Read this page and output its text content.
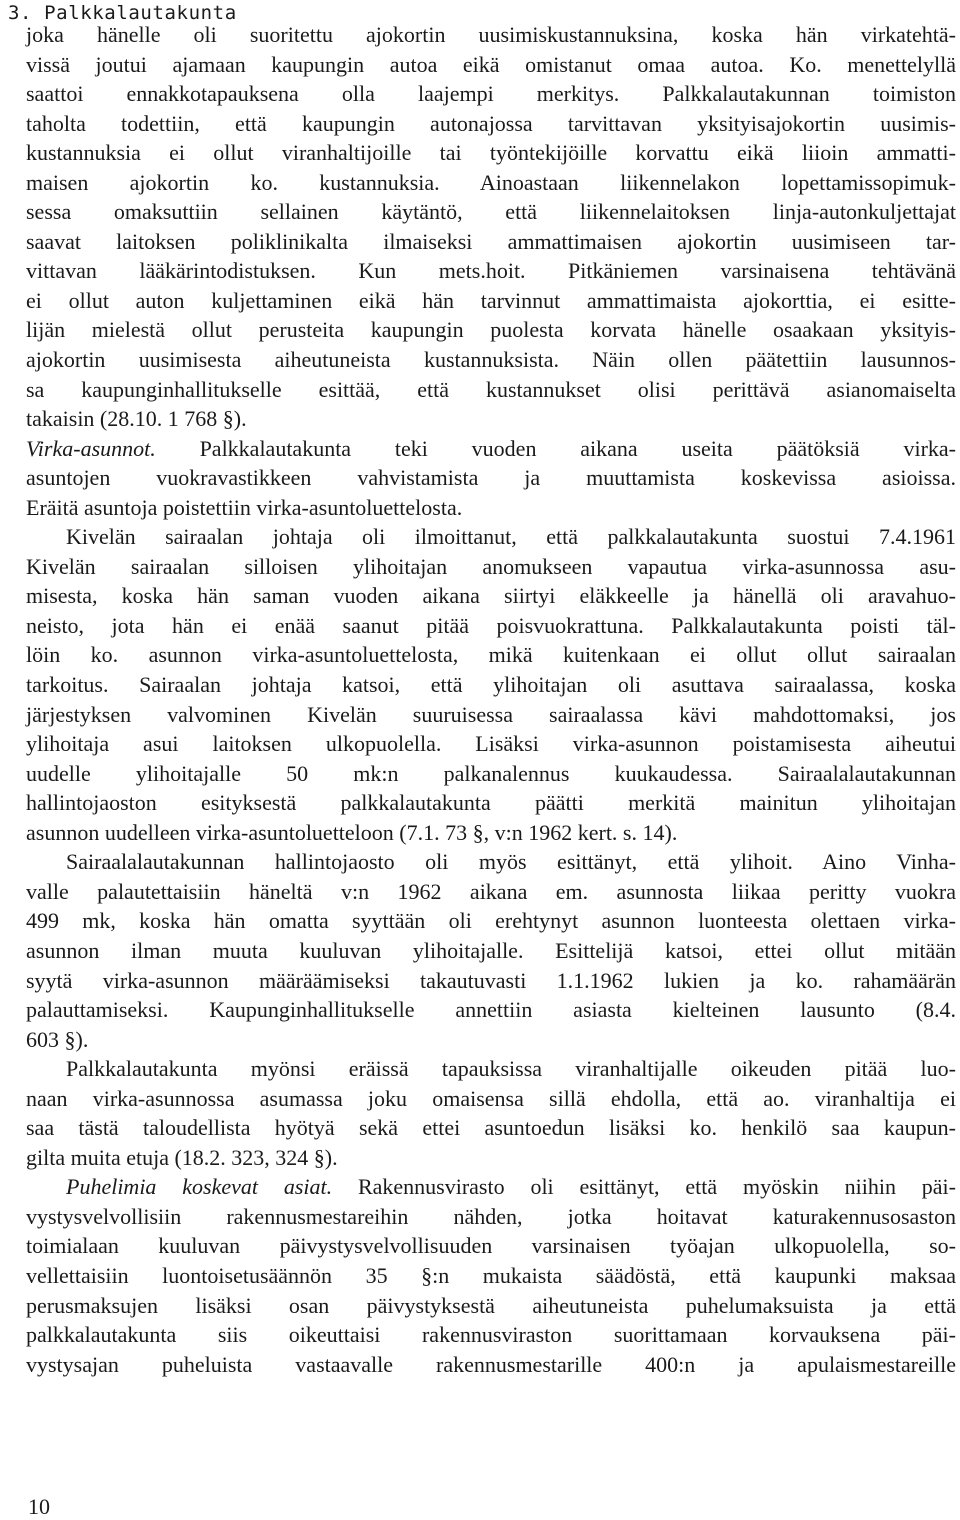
3. Palkkalautakunta
joka hänelle oli suoritettu ajokortin uusimiskustannuksina, koska hän virkatehtä-
vissä joutui ajamaan kaupungin autoa eikä omistanut omaa autoa. Ko. menettelyllä
saattoi ennakkotapauksena olla laajempi merkitys. Palkkalautakunnan toimiston
taholta todettiin, että kaupungin autonajossa tarvittavan yksityisajokortin uusimis-
kustannuksia ei ollut viranhaltijoille tai työntekijöille korvattu eikä liioin ammatti-
maisen ajokortin ko. kustannuksia. Ainoastaan liikennelakon lopettamissopimuk-
sessa omaksuttiin sellainen käytäntö, että liikennelaitoksen linja-autonkuljettajat
saavat laitoksen poliklinikalta ilmaiseksi ammattimaisen ajokortin uusimiseen tar-
vittavan lääkärintodistuksen. Kun mets.hoit. Pitkäniemen varsinaisena tehtävänä
ei ollut auton kuljettaminen eikä hän tarvinnut ammattimaista ajokorttia, ei esitte-
lijän mielestä ollut perusteita kaupungin puolesta korvata hänelle osaakaan yksityis-
ajokortin uusimisesta aiheutuneista kustannuksista. Näin ollen päätettiin lausunnos-
sa kaupunginhallitukselle esittää, että kustannukset olisi perittävä asianomaiselta
takaisin (28.10. 1 768 §).
Virka-asunnot. Palkkalautakunta teki vuoden aikana useita päätöksiä virka-
asuntojen vuokravastikkeen vahvistamista ja muuttamista koskevissa asioissa.
Eräitä asuntoja poistettiin virka-asuntoluettelosta.
Kivelän sairaalan johtaja oli ilmoittanut, että palkkalautakunta suostui 7.4.1961
Kivelän sairaalan silloisen ylihoitajan anomukseen vapautua virka-asunnossa asu-
misesta, koska hän saman vuoden aikana siirtyi eläkkeelle ja hänellä oli aravahuo-
neisto, jota hän ei enää saanut pitää poisvuokrattuna. Palkkalautakunta poisti täl-
löin ko. asunnon virka-asuntoluettelosta, mikä kuitenkaan ei ollut ollut sairaalan
tarkoitus. Sairaalan johtaja katsoi, että ylihoitajan oli asuttava sairaalassa, koska
järjestyksen valvominen Kivelän suuruisessa sairaalassa kävi mahdottomaksi, jos
ylihoitaja asui laitoksen ulkopuolella. Lisäksi virka-asunnon poistamisesta aiheutui
uudelle ylihoitajalle 50 mk:n palkanalennus kuukaudessa. Sairaalalautakunnan
hallintojaoston esityksestä palkkalautakunta päätti merkitä mainitun ylihoitajan
asunnon uudelleen virka-asuntoluetteloon (7.1. 73 §, v:n 1962 kert. s. 14).
Sairaalalautakunnan hallintojaosto oli myös esittänyt, että ylihoit. Aino Vinha-
valle palautettaisiin häneltä v:n 1962 aikana em. asunnosta liikaa peritty vuokra
499 mk, koska hän omatta syyttään oli erehtynyt asunnon luonteesta olettaen virka-
asunnon ilman muuta kuuluvan ylihoitajalle. Esittelijä katsoi, ettei ollut mitään
syytä virka-asunnon määräämiseksi takautuvasti 1.1.1962 lukien ja ko. rahamäärän
palauttamiseksi. Kaupunginhallitukselle annettiin asiasta kielteinen lausunto (8.4.
603 §).
Palkkalautakunta myönsi eräissä tapauksissa viranhaltijalle oikeuden pitää luo-
naan virka-asunnossa asumassa joku omaisensa sillä ehdolla, että ao. viranhaltija ei
saa tästä taloudellista hyötyä sekä ettei asuntoedun lisäksi ko. henkilö saa kaupun-
gilta muita etuja (18.2. 323, 324 §).
Puhelimia koskevat asiat. Rakennusvirasto oli esittänyt, että myöskin niihin päi-
vystysvelvollisiin rakennusmestareihin nähden, jotka hoitavat katurakennusosaston
toimialaan kuuluvan päivystysvelvollisuuden varsinaisen työajan ulkopuolella, so-
vellettaisiin luontoisetusäännön 35 §:n mukaista säädöstä, että kaupunki maksaa
perusmaksujen lisäksi osan päivystyksestä aiheutuneista puhelumaksuista ja että
palkkalautakunta siis oikeuttaisi rakennusviraston suorittamaan korvauksena päi-
vystysajan puheluista vastaavalle rakennusmestarille 400:n ja apulaismestareille
10
